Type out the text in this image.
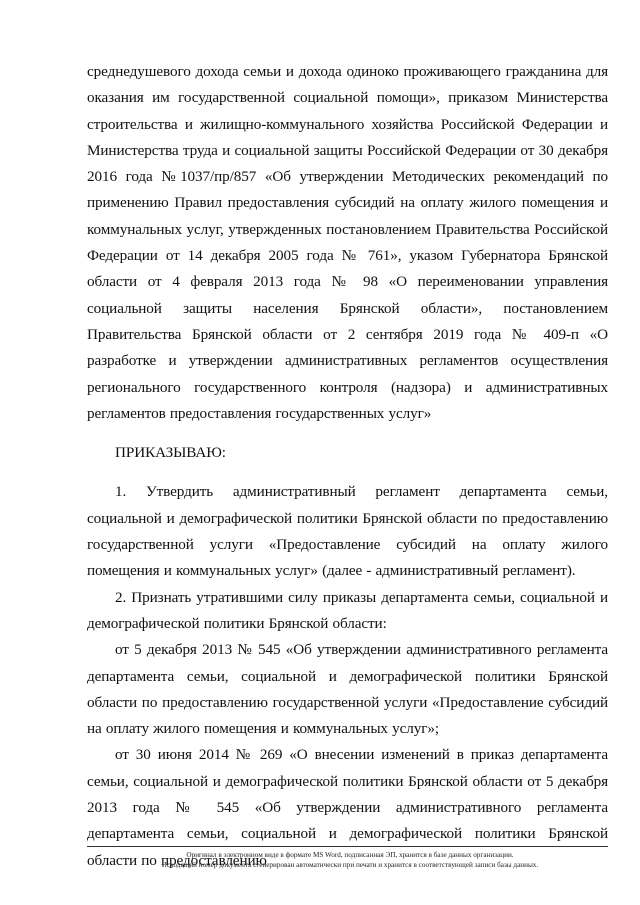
среднедушевого дохода семьи и дохода одиноко проживающего гражданина для оказания им государственной социальной помощи», приказом Министерства строительства и жилищно-коммунального хозяйства Российской Федерации и Министерства труда и социальной защиты Российской Федерации от 30 декабря 2016 года №1037/пр/857 «Об утверждении Методических рекомендаций по применению Правил предоставления субсидий на оплату жилого помещения и коммунальных услуг, утвержденных постановлением Правительства Российской Федерации от 14 декабря 2005 года № 761», указом Губернатора Брянской области от 4 февраля 2013 года № 98 «О переименовании управления социальной защиты населения Брянской области», постановлением Правительства Брянской области от 2 сентября 2019 года № 409-п «О разработке и утверждении административных регламентов осуществления регионального государственного контроля (надзора) и административных регламентов предоставления государственных услуг»

ПРИКАЗЫВАЮ:

1. Утвердить административный регламент департамента семьи, социальной и демографической политики Брянской области по предоставлению государственной услуги «Предоставление субсидий на оплату жилого помещения и коммунальных услуг» (далее - административный регламент).

2. Признать утратившими силу приказы департамента семьи, социальной и демографической политики Брянской области:

от 5 декабря 2013 № 545 «Об утверждении административного регламента департамента семьи, социальной и демографической политики Брянской области по предоставлению государственной услуги «Предоставление субсидий на оплату жилого помещения и коммунальных услуг»;

от 30 июня 2014 № 269 «О внесении изменений в приказ департамента семьи, социальной и демографической политики Брянской области от 5 декабря 2013 года № 545 «Об утверждении административного регламента департамента семьи, социальной и демографической политики Брянской области по предоставлению

Оригинал в электронном виде в формате MS Word, подписанная ЭП, хранится в базе данных организации.
Исходящий номер документа сгенерирован автоматически при печати и хранится в соответствующей записи базы данных.
